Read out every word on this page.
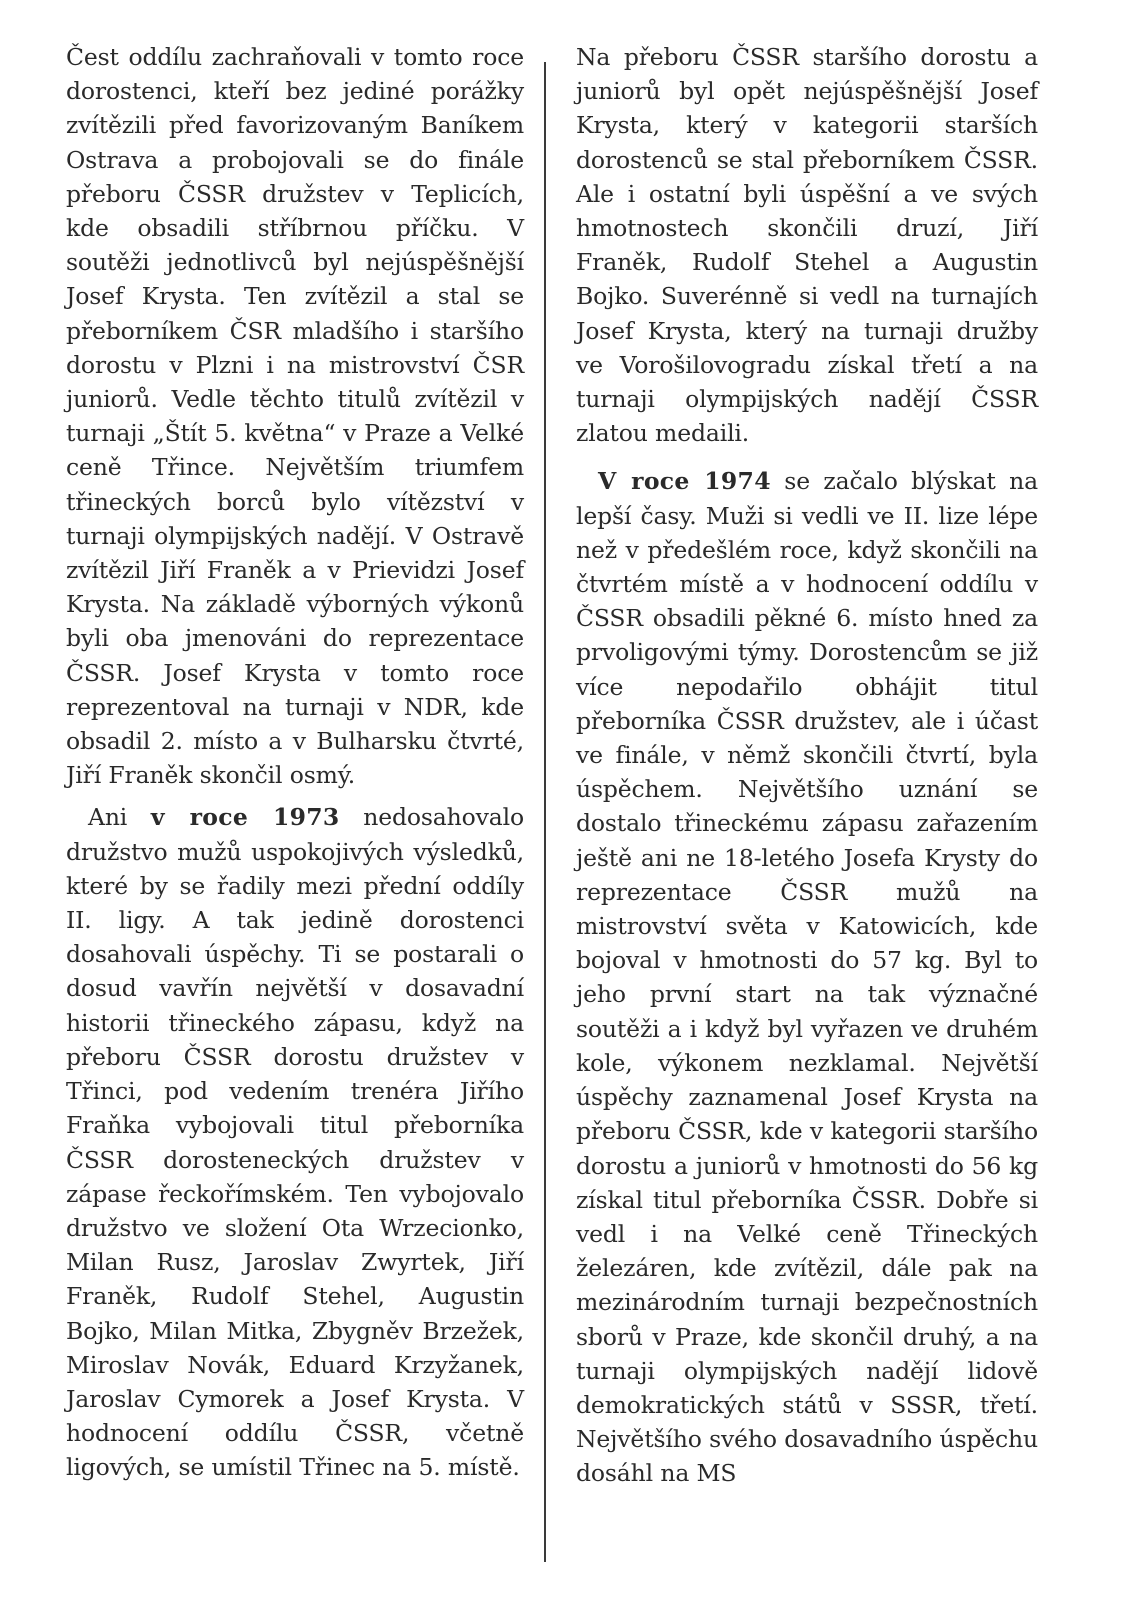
Čest oddílu zachraňovali v tomto roce dorostenci, kteří bez jediné porážky zvítězili před favorizovaným Baníkem Ostrava a probojovali se do finále přeboru ČSSR družstev v Teplicích, kde obsadili stříbrnou příčku. V soutěži jednotlivců byl nejúspěšnější Josef Krysta. Ten zvítězil a stal se přeborníkem ČSR mladšího i staršího dorostu v Plzni i na mistrovství ČSR juniorů. Vedle těchto titulů zvítězil v turnaji „Štít 5. května“ v Praze a Velké ceně Třince. Největším triumfem třineckých borců bylo vítězství v turnaji olympijských nadějí. V Ostravě zvítězil Jiří Franěk a v Prievidzi Josef Krysta. Na základě výborných výkonů byli oba jmenováni do reprezentace ČSSR. Josef Krysta v tomto roce reprezentoval na turnaji v NDR, kde obsadil 2. místo a v Bulharsku čtvrté, Jiří Franěk skončil osmý.

Ani v roce 1973 nedosahovalo družstvo mužů uspokojivých výsledků, které by se řadily mezi přední oddíly II. ligy. A tak jedině dorostenci dosahovali úspěchy. Ti se postarali o dosud vavřín největší v dosavadní historii třineckého zápasu, když na přeboru ČSSR dorostu družstev v Třinci, pod vedením trenéra Jiřího Fraňka vybojovali titul přeborníka ČSSR dorosteneckých družstev v zápase řeckořímském. Ten vybojovalo družstvo ve složení Ota Wrzecionko, Milan Rusz, Jaroslav Zwyrtek, Jiří Franěk, Rudolf Stehel, Augustin Bojko, Milan Mitka, Zbygněv Brzežek, Miroslav Novák, Eduard Krzyžanek, Jaroslav Cymorek a Josef Krysta. V hodnocení oddílu ČSSR, včetně ligových, se umístil Třinec na 5. místě.

Na přeboru ČSSR staršího dorostu a juniorů byl opět nejúspěšnější Josef Krysta, který v kategorii starších dorostenců se stal přeborníkem ČSSR. Ale i ostatní byli úspěšní a ve svých hmotnostech skončili druzí, Jiří Franěk, Rudolf Stehel a Augustin Bojko. Suverénně si vedl na turnajích Josef Krysta, který na turnaji družby ve Vorošilovogradu získal třetí a na turnaji olympijských nadějí ČSSR zlatou medaili.

V roce 1974 se začalo blýskat na lepší časy. Muži si vedli ve II. lize lépe než v předešlém roce, když skončili na čtvrtém místě a v hodnocení oddílu v ČSSR obsadili pěkné 6. místo hned za prvoligovými týmy. Dorostencům se již více nepodařilo obhájit titul přeborníka ČSSR družstev, ale i účast ve finále, v němž skončili čtvrtí, byla úspěchem. Největšího uznání se dostalo třineckému zápasu zařazením ještě ani ne 18-letého Josefa Krysty do reprezentace ČSSR mužů na mistrovství světa v Katowicích, kde bojoval v hmotnosti do 57 kg. Byl to jeho první start na tak význačné soutěži a i když byl vyřazen ve druhém kole, výkonem nezklamal. Největší úspěchy zaznamenal Josef Krysta na přeboru ČSSR, kde v kategorii staršího dorostu a juniorů v hmotnosti do 56 kg získal titul přeborníka ČSSR. Dobře si vedl i na Velké ceně Třineckých železáren, kde zvítězil, dále pak na mezinárodním turnaji bezpečnostních sborů v Praze, kde skončil druhý, a na turnaji olympijských nadějí lidově demokratických států v SSSR, třetí. Největšího svého dosavadního úspěchu dosáhl na MS
